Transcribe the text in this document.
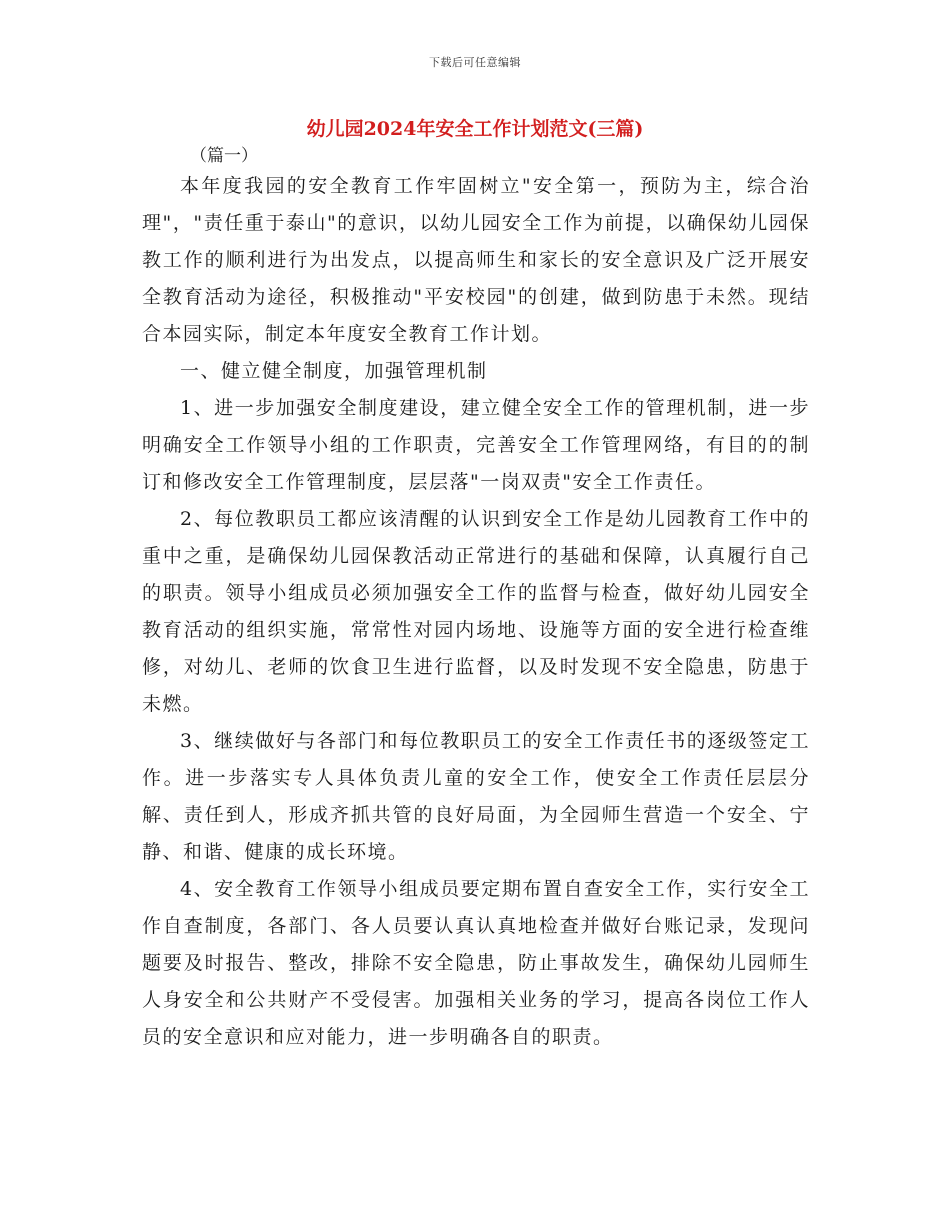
下载后可任意编辑
幼儿园2024年安全工作计划范文(三篇)
（篇一）

本年度我园的安全教育工作牢固树立"安全第一，预防为主，综合治理"，"责任重于泰山"的意识，以幼儿园安全工作为前提，以确保幼儿园保教工作的顺利进行为出发点，以提高师生和家长的安全意识及广泛开展安全教育活动为途径，积极推动"平安校园"的创建，做到防患于未然。现结合本园实际，制定本年度安全教育工作计划。

一、健立健全制度，加强管理机制

1、进一步加强安全制度建设，建立健全安全工作的管理机制，进一步明确安全工作领导小组的工作职责，完善安全工作管理网络，有目的的制订和修改安全工作管理制度，层层落"一岗双责"安全工作责任。

2、每位教职员工都应该清醒的认识到安全工作是幼儿园教育工作中的重中之重，是确保幼儿园保教活动正常进行的基础和保障，认真履行自己的职责。领导小组成员必须加强安全工作的监督与检查，做好幼儿园安全教育活动的组织实施，常常性对园内场地、设施等方面的安全进行检查维修，对幼儿、老师的饮食卫生进行监督，以及时发现不安全隐患，防患于未燃。

3、继续做好与各部门和每位教职员工的安全工作责任书的逐级签定工作。进一步落实专人具体负责儿童的安全工作，使安全工作责任层层分解、责任到人，形成齐抓共管的良好局面，为全园师生营造一个安全、宁静、和谐、健康的成长环境。

4、安全教育工作领导小组成员要定期布置自查安全工作，实行安全工作自查制度，各部门、各人员要认真认真地检查并做好台账记录，发现问题要及时报告、整改，排除不安全隐患，防止事故发生，确保幼儿园师生人身安全和公共财产不受侵害。加强相关业务的学习，提高各岗位工作人员的安全意识和应对能力，进一步明确各自的职责。
